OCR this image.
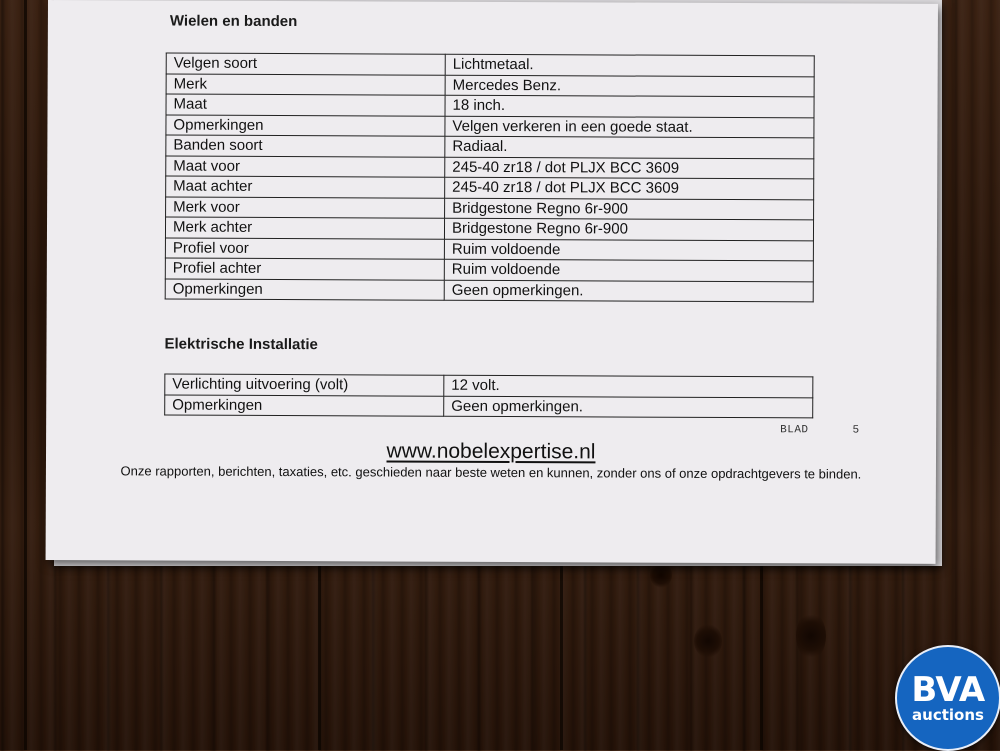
Wielen en banden
Velgen soort	Lichtmetaal.
Merk	Mercedes Benz.
Maat	18 inch.
Opmerkingen	Velgen verkeren in een goede staat.
Banden soort	Radiaal.
Maat voor	245-40 zr18 / dot PLJX BCC 3609
Maat achter	245-40 zr18 / dot PLJX BCC 3609
Merk voor	Bridgestone Regno 6r-900
Merk achter	Bridgestone Regno 6r-900
Profiel voor	Ruim voldoende
Profiel achter	Ruim voldoende
Opmerkingen	Geen opmerkingen.
Elektrische Installatie
Verlichting uitvoering (volt)	12 volt.
Opmerkingen	Geen opmerkingen.
BLAD	5
www.nobelexpertise.nl
Onze rapporten, berichten, taxaties, etc. geschieden naar beste weten en kunnen, zonder ons of onze opdrachtgevers te binden.
BVA
auctions
